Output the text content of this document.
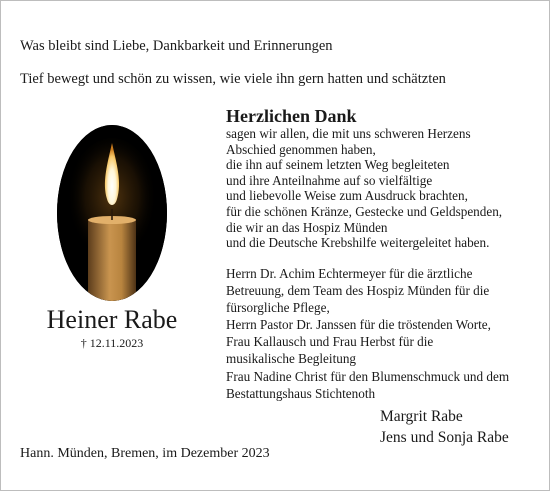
Was bleibt sind Liebe, Dankbarkeit und Erinnerungen
Tief bewegt und schön zu wissen, wie viele ihn gern hatten und schätzten
Heiner Rabe
† 12.11.2023
Herzlichen Dank
sagen wir allen, die mit uns schweren Herzens
Abschied genommen haben,
die ihn auf seinem letzten Weg begleiteten
und ihre Anteilnahme auf so vielfältige
und liebevolle Weise zum Ausdruck brachten,
für die schönen Kränze, Gestecke und Geldspenden,
die wir an das Hospiz Münden
und die Deutsche Krebshilfe weitergeleitet haben.
Herrn Dr. Achim Echtermeyer für die ärztliche
Betreuung, dem Team des Hospiz Münden für die
fürsorgliche Pflege,
Herrn Pastor Dr. Janssen für die tröstenden Worte,
Frau Kallausch und Frau Herbst für die
musikalische Begleitung
Frau Nadine Christ für den Blumenschmuck und dem
Bestattungshaus Stichtenoth
Margrit Rabe
Jens und Sonja Rabe
Hann. Münden, Bremen, im Dezember 2023
